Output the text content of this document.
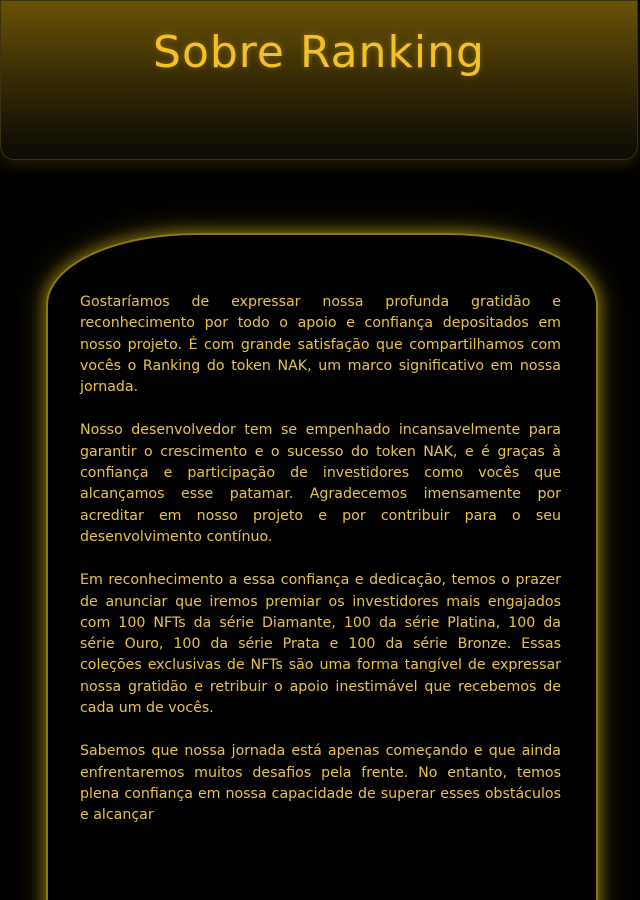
Sobre Ranking

Gostaríamos de expressar nossa profunda gratidão e reconhecimento por todo o apoio e confiança depositados em nosso projeto. É com grande satisfação que compartilhamos com vocês o Ranking do token NAK, um marco significativo em nossa jornada.

Nosso desenvolvedor tem se empenhado incansavelmente para garantir o crescimento e o sucesso do token NAK, e é graças à confiança e participação de investidores como vocês que alcançamos esse patamar. Agradecemos imensamente por acreditar em nosso projeto e por contribuir para o seu desenvolvimento contínuo.

Em reconhecimento a essa confiança e dedicação, temos o prazer de anunciar que iremos premiar os investidores mais engajados com 100 NFTs da série Diamante, 100 da série Platina, 100 da série Ouro, 100 da série Prata e 100 da série Bronze. Essas coleções exclusivas de NFTs são uma forma tangível de expressar nossa gratidão e retribuir o apoio inestimável que recebemos de cada um de vocês.

Sabemos que nossa jornada está apenas começando e que ainda enfrentaremos muitos desafios pela frente. No entanto, temos plena confiança em nossa capacidade de superar esses obstáculos e alcançar
